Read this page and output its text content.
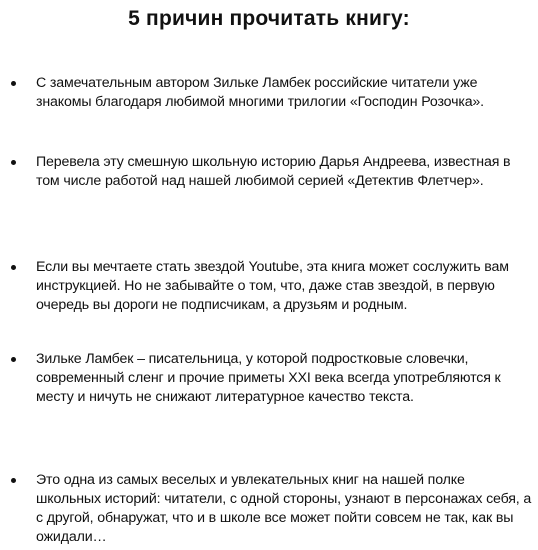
5 причин прочитать книгу:
С замечательным автором Зильке Ламбек российские читатели уже знакомы благодаря любимой многими трилогии «Господин Розочка».
Перевела эту смешную школьную историю Дарья Андреева, известная в том числе работой над нашей любимой серией «Детектив Флетчер».
Если вы мечтаете стать звездой Youtube, эта книга может сослужить вам инструкцией. Но не забывайте о том, что, даже став звездой, в первую очередь вы дороги не подписчикам, а друзьям и родным.
Зильке Ламбек – писательница, у которой подростковые словечки, современный сленг и прочие приметы XXI века всегда употребляются к месту и ничуть не снижают литературное качество текста.
Это одна из самых веселых и увлекательных книг на нашей полке школьных историй: читатели, с одной стороны, узнают в персонажах себя, а с другой, обнаружат, что и в школе все может пойти совсем не так, как вы ожидали…
